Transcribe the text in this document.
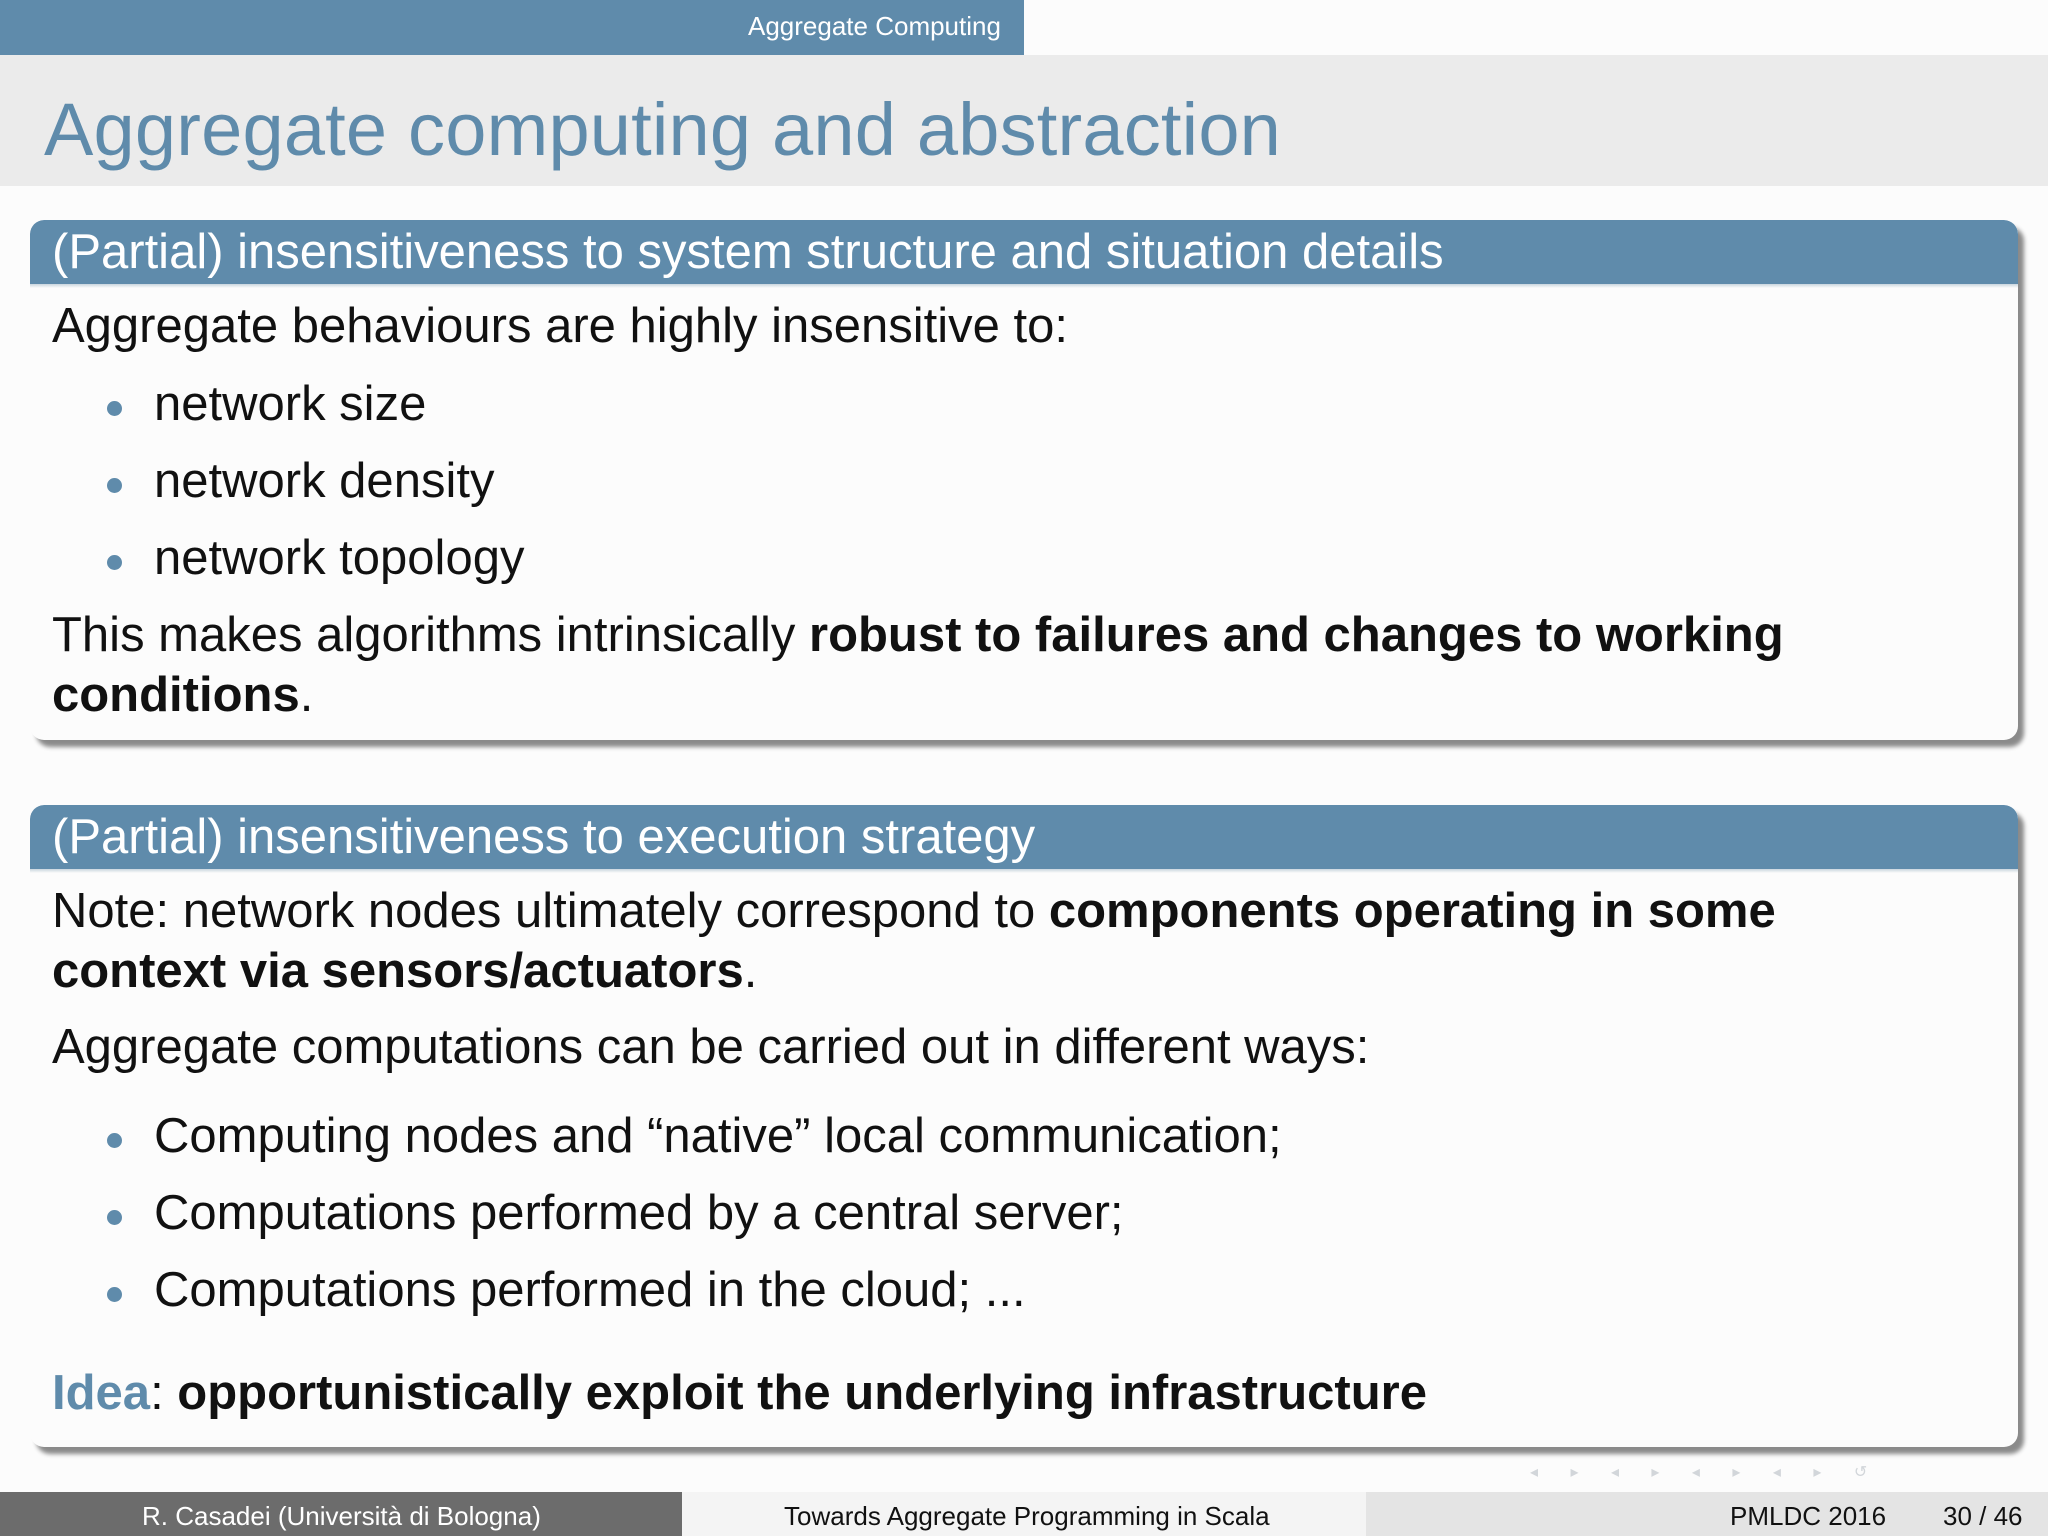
Aggregate Computing
Aggregate computing and abstraction
(Partial) insensitiveness to system structure and situation details
Aggregate behaviours are highly insensitive to:
network size
network density
network topology
This makes algorithms intrinsically robust to failures and changes to working
conditions.
(Partial) insensitiveness to execution strategy
Note: network nodes ultimately correspond to components operating in some
context via sensors/actuators.
Aggregate computations can be carried out in different ways:
Computing nodes and “native” local communication;
Computations performed by a central server;
Computations performed in the cloud; ...
Idea: opportunistically exploit the underlying infrastructure
◂ ▸ ◂ ▸ ◂ ▸ ◂ ▸ ↺
R. Casadei (Università di Bologna)	Towards Aggregate Programming in Scala	PMLDC 2016 30 / 46
